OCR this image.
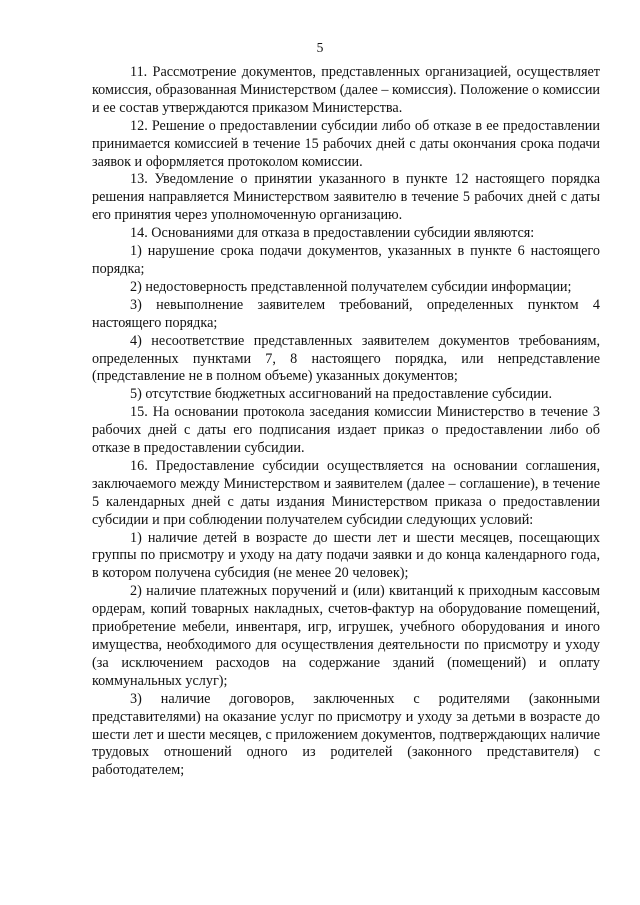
5

11. Рассмотрение документов, представленных организацией, осуществляет комиссия, образованная Министерством (далее – комиссия). Положение о комиссии и ее состав утверждаются приказом Министерства.

12. Решение о предоставлении субсидии либо об отказе в ее предоставлении принимается комиссией в течение 15 рабочих дней с даты окончания срока подачи заявок и оформляется протоколом комиссии.

13. Уведомление о принятии указанного в пункте 12 настоящего порядка решения направляется Министерством заявителю в течение 5 рабочих дней с даты его принятия через уполномоченную организацию.

14. Основаниями для отказа в предоставлении субсидии являются:

1) нарушение срока подачи документов, указанных в пункте 6 настоящего порядка;

2) недостоверность представленной получателем субсидии информации;

3) невыполнение заявителем требований, определенных пунктом 4 настоящего порядка;

4) несоответствие представленных заявителем документов требованиям, определенных пунктами 7, 8 настоящего порядка, или непредставление (представление не в полном объеме) указанных документов;

5) отсутствие бюджетных ассигнований на предоставление субсидии.

15. На основании протокола заседания комиссии Министерство в течение 3 рабочих дней с даты его подписания издает приказ о предоставлении либо об отказе в предоставлении субсидии.

16. Предоставление субсидии осуществляется на основании соглашения, заключаемого между Министерством и заявителем (далее – соглашение), в течение 5 календарных дней с даты издания Министерством приказа о предоставлении субсидии и при соблюдении получателем субсидии следующих условий:

1) наличие детей в возрасте до шести лет и шести месяцев, посещающих группы по присмотру и уходу на дату подачи заявки и до конца календарного года, в котором получена субсидия (не менее 20 человек);

2) наличие платежных поручений и (или) квитанций к приходным кассовым ордерам, копий товарных накладных, счетов-фактур на оборудование помещений, приобретение мебели, инвентаря, игр, игрушек, учебного оборудования и иного имущества, необходимого для осуществления деятельности по присмотру и уходу (за исключением расходов на содержание зданий (помещений) и оплату коммунальных услуг);

3) наличие договоров, заключенных с родителями (законными представителями) на оказание услуг по присмотру и уходу за детьми в возрасте до шести лет и шести месяцев, с приложением документов, подтверждающих наличие трудовых отношений одного из родителей (законного представителя) с работодателем;
